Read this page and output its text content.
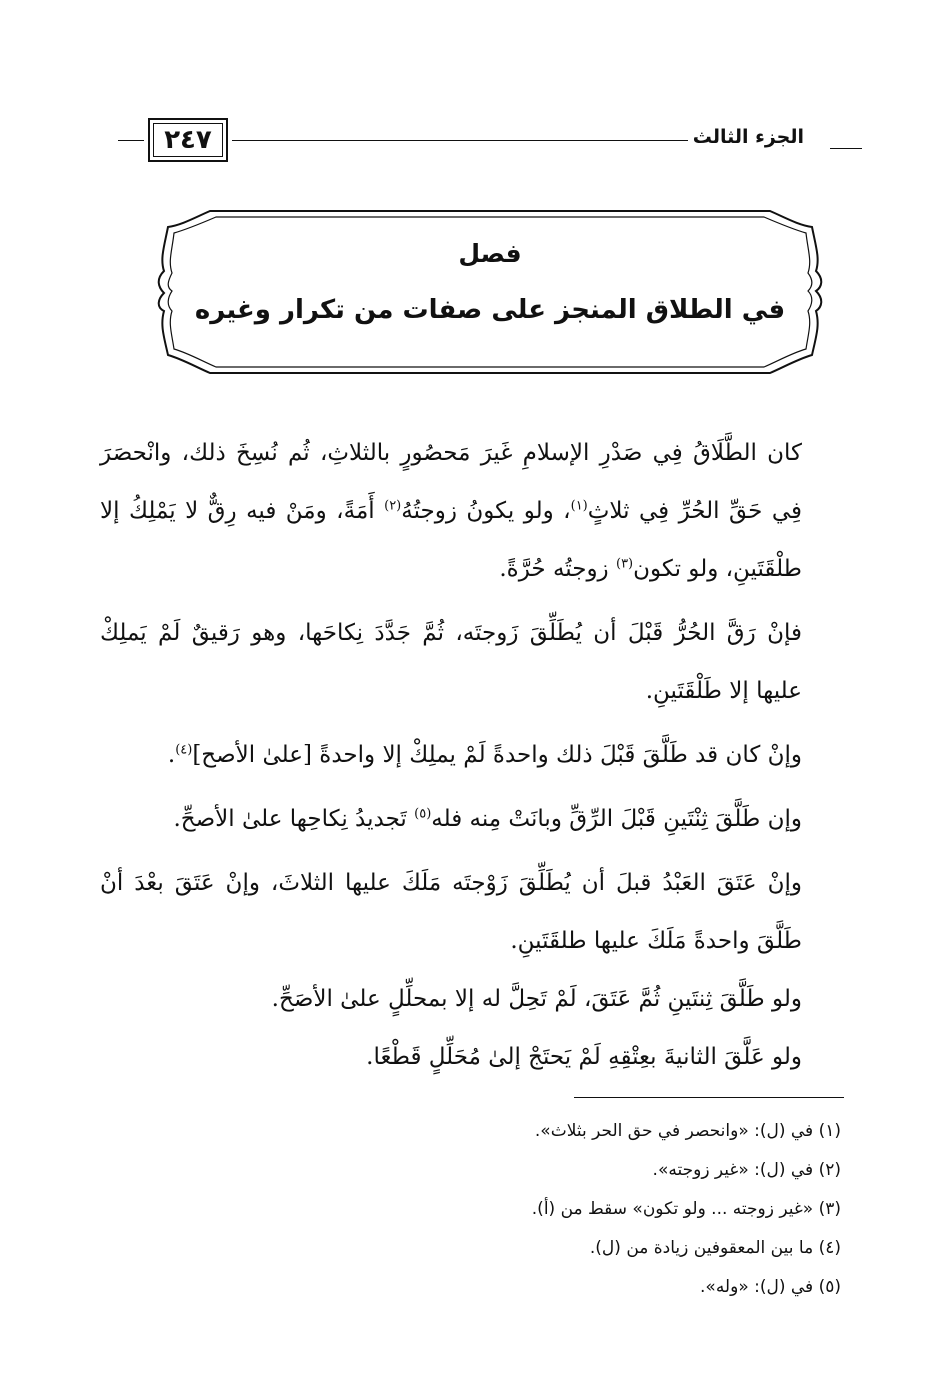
٢٤٧	الجزء الثالث
فصل
في الطلاق المنجز على صفات من تكرار وغيره

كان الطَّلَاقُ فِي صَدْرِ الإسلامِ غَيرَ مَحصُورٍ بالثلاثِ، ثُم نُسِخَ ذلك، وانْحصَرَ فِي حَقِّ الحُرِّ فِي ثلاثٍ$^{(١)}$، ولو يكونُ زوجتُهُ$^{(٢)}$ أَمَةً، ومَنْ فيه رِقٌّ لا يَمْلِكُ إلا طلْقَتَينِ، ولو تكون$^{(٣)}$ زوجتُه حُرَّةً.

فإنْ رَقَّ الحُرُّ قَبْلَ أن يُطَلِّقَ زَوجتَه، ثُمَّ جَدَّدَ نِكاحَها، وهو رَقيقٌ لَمْ يَملِكْ عليها إلا طَلْقَتَينِ.

وإنْ كان قد طَلَّقَ قَبْلَ ذلك واحدةً لَمْ يملِكْ إلا واحدةً [علىٰ الأصح]$^{(٤)}$.

وإن طَلَّقَ ثِنْتَينِ قَبْلَ الرِّقِّ وبانَتْ مِنه فله$^{(٥)}$ تَجديدُ نِكاحِها علىٰ الأصحِّ.

وإنْ عَتَقَ العَبْدُ قبلَ أن يُطَلِّقَ زَوْجتَه مَلَكَ عليها الثلاثَ، وإنْ عَتَقَ بعْدَ أنْ طَلَّقَ واحدةً مَلَكَ عليها طلقَتَينِ.

ولو طَلَّقَ ثِنتَينِ ثُمَّ عَتَقَ، لَمْ تَحِلَّ له إلا بمحلِّلٍ علىٰ الأصَحِّ.

ولو عَلَّقَ الثانيةَ بعِتْقِهِ لَمْ يَحتَجْ إلىٰ مُحَلِّلٍ قَطْعًا.

(١) في (ل): «وانحصر في حق الحر بثلاث».

(٢) في (ل): «غير زوجته».

(٣) «غير زوجته ... ولو تكون» سقط من (أ).

(٤) ما بين المعقوفين زيادة من (ل).

(٥) في (ل): «وله».
